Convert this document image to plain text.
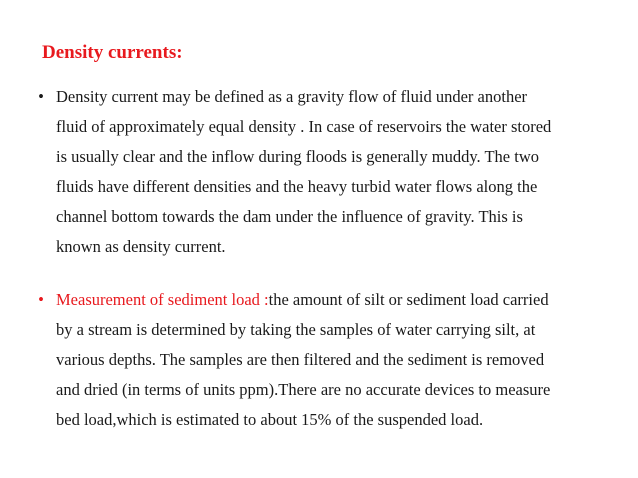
Density currents:
• Density current may be defined as a gravity flow of fluid under another
fluid of approximately equal density . In case of reservoirs the water stored
is usually clear and the inflow during floods is generally muddy. The two
fluids have different densities and the heavy turbid water flows along the
channel bottom towards the dam under the influence of gravity. This is
known as density current.
• Measurement of sediment load :the amount of silt or sediment load carried
by a stream is determined by taking the samples of water carrying silt, at
various depths. The samples are then filtered and the sediment is removed
and dried (in terms of units ppm).There are no accurate devices to measure
bed load,which is estimated to about 15% of the suspended load.
